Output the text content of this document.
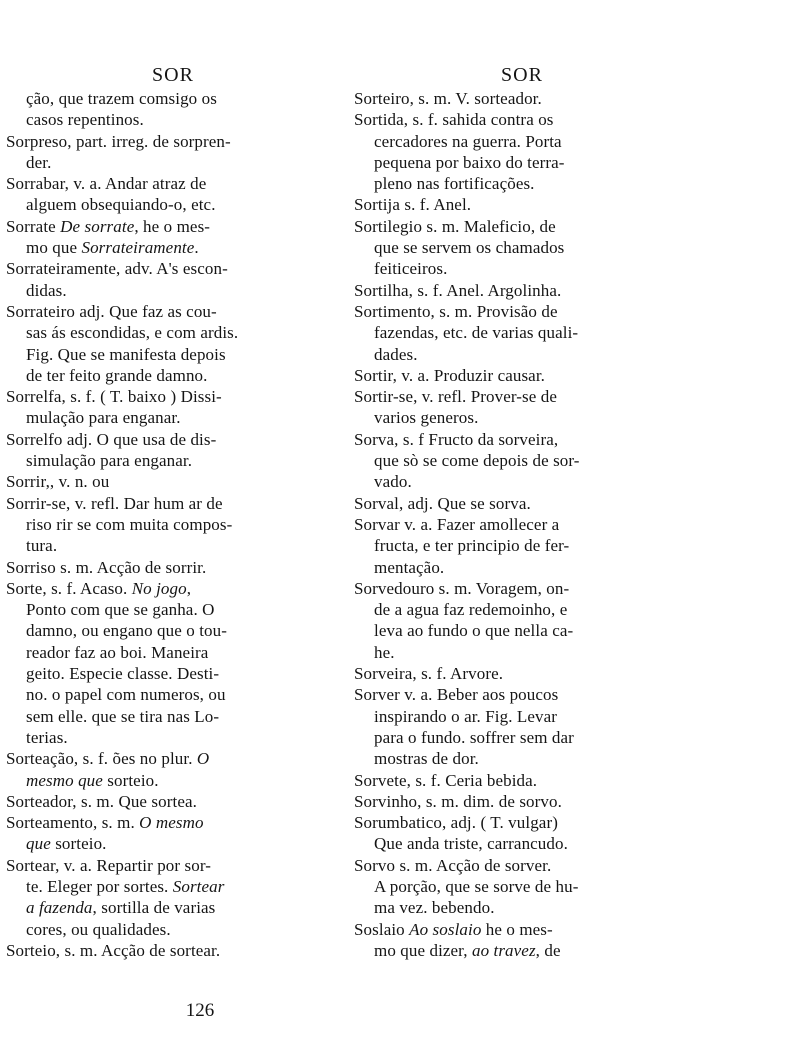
SOR
ção, que trazem comsigo os
casos repentinos.
Sorpreso, part. irreg. de sorpren-
der.
Sorrabar, v. a. Andar atraz de
alguem obsequiando-o, etc.
Sorrate De sorrate, he o mes-
mo que Sorrateiramente.
Sorrateiramente, adv. A's escon-
didas.
Sorrateiro adj. Que faz as cou-
sas ás escondidas, e com ardis.
Fig. Que se manifesta depois
de ter feito grande damno.
Sorrelfa, s. f. ( T. baixo ) Dissi-
mulação para enganar.
Sorrelfo adj. O que usa de dis-
simulação para enganar.
Sorrir,, v. n. ou
Sorrir-se, v. refl. Dar hum ar de
riso rir se com muita compos-
tura.
Sorriso s. m. Acção de sorrir.
Sorte, s. f. Acaso. No jogo,
Ponto com que se ganha. O
damno, ou engano que o tou-
reador faz ao boi. Maneira
geito. Especie classe. Desti-
no. o papel com numeros, ou
sem elle. que se tira nas Lo-
terias.
Sorteação, s. f. ões no plur. O
mesmo que sorteio.
Sorteador, s. m. Que sortea.
Sorteamento, s. m. O mesmo
que sorteio.
Sortear, v. a. Repartir por sor-
te. Eleger por sortes. Sortear
a fazenda, sortilla de varias
cores, ou qualidades.
Sorteio, s. m. Acção de sortear.
SOR
Sorteiro, s. m. V. sorteador.
Sortida, s. f. sahida contra os
cercadores na guerra. Porta
pequena por baixo do terra-
pleno nas fortificações.
Sortija s. f. Anel.
Sortilegio s. m. Maleficio, de
que se servem os chamados
feiticeiros.
Sortilha, s. f. Anel. Argolinha.
Sortimento, s. m. Provisão de
fazendas, etc. de varias quali-
dades.
Sortir, v. a. Produzir causar.
Sortir-se, v. refl. Prover-se de
varios generos.
Sorva, s. f Fructo da sorveira,
que sò se come depois de sor-
vado.
Sorval, adj. Que se sorva.
Sorvar v. a. Fazer amollecer a
fructa, e ter principio de fer-
mentação.
Sorvedouro s. m. Voragem, on-
de a agua faz redemoinho, e
leva ao fundo o que nella ca-
he.
Sorveira, s. f. Arvore.
Sorver v. a. Beber aos poucos
inspirando o ar. Fig. Levar
para o fundo. soffrer sem dar
mostras de dor.
Sorvete, s. f. Ceria bebida.
Sorvinho, s. m. dim. de sorvo.
Sorumbatico, adj. ( T. vulgar)
Que anda triste, carrancudo.
Sorvo s. m. Acção de sorver.
A porção, que se sorve de hu-
ma vez. bebendo.
Soslaio Ao soslaio he o mes-
mo que dizer, ao travez, de
126
